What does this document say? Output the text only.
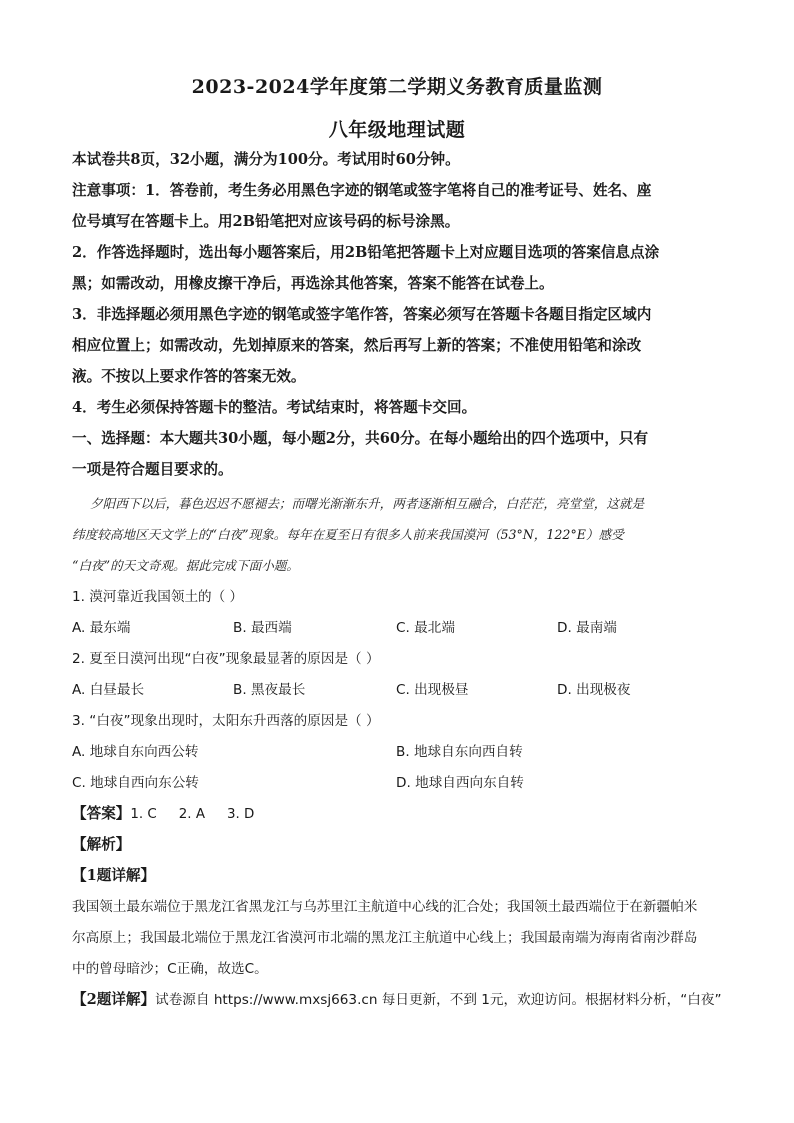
2023-2024学年度第二学期义务教育质量监测
八年级地理试题
本试卷共8页，32小题，满分为100分。考试用时60分钟。
注意事项：1．答卷前，考生务必用黑色字迹的钢笔或签字笔将自己的准考证号、姓名、座
位号填写在答题卡上。用2B铅笔把对应该号码的标号涂黑。
2．作答选择题时，选出每小题答案后，用2B铅笔把答题卡上对应题目选项的答案信息点涂
黑；如需改动，用橡皮擦干净后，再选涂其他答案，答案不能答在试卷上。
3．非选择题必须用黑色字迹的钢笔或签字笔作答，答案必须写在答题卡各题目指定区域内
相应位置上；如需改动，先划掉原来的答案，然后再写上新的答案；不准使用铅笔和涂改
液。不按以上要求作答的答案无效。
4．考生必须保持答题卡的整洁。考试结束时，将答题卡交回。
一、选择题：本大题共30小题，每小题2分，共60分。在每小题给出的四个选项中，只有
一项是符合题目要求的。
夕阳西下以后，暮色迟迟不愿褪去；而曙光渐渐东升，两者逐渐相互融合，白茫茫，亮堂堂，这就是
纬度较高地区天文学上的“白夜”现象。每年在夏至日有很多人前来我国漠河（53°N，122°E）感受
“白夜”的天文奇观。据此完成下面小题。
1. 漠河靠近我国领土的（ ）
A. 最东端	B. 最西端	C. 最北端	D. 最南端
2. 夏至日漠河出现“白夜”现象最显著的原因是（ ）
A. 白昼最长	B. 黑夜最长	C. 出现极昼	D. 出现极夜
3. “白夜”现象出现时，太阳东升西落的原因是（ ）
A. 地球自东向西公转	B. 地球自东向西自转
C. 地球自西向东公转	D. 地球自西向东自转
【答案】1. C 2. A 3. D
【解析】
【1题详解】
我国领土最东端位于黑龙江省黑龙江与乌苏里江主航道中心线的汇合处；我国领土最西端位于在新疆帕米
尔高原上；我国最北端位于黑龙江省漠河市北端的黑龙江主航道中心线上；我国最南端为海南省南沙群岛
中的曾母暗沙；C正确，故选C。
【2题详解】试卷源自 https://www.mxsj663.cn 每日更新，不到 1元，欢迎访问。根据材料分析，“白夜”
